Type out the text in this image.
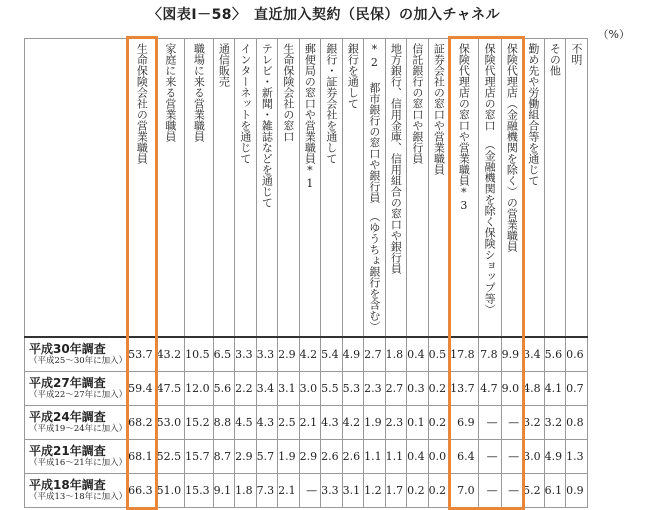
〈図表Ⅰ－58〉　直近加入契約（民保）の加入チャネル
（%）
	生命保険会社の営業職員	家庭に来る営業職員	職場に来る営業職員	通信販売	インターネットを通じて	テレビ・新聞・雑誌などを通じて	生命保険会社の窓口	郵便局の窓口や営業職員*1	銀行・証券会社を通して	銀行を通して	*2 都市銀行の窓口や銀行員（ゆうちょ銀行を含む）	地方銀行、信用金庫、信用組合の窓口や銀行員	信託銀行の窓口や銀行員	証券会社の窓口や営業職員	保険代理店の窓口や営業職員*3	保険代理店の窓口（金融機関を除く保険ショップ等）	保険代理店（金融機関を除く）の営業職員	勤め先や労働組合等を通じて	その他	不明

平成30年調査
（平成25～30年に加入）	53.7	43.2	10.5	6.5	3.3	3.3	2.9	4.2	5.4	4.9	2.7	1.8	0.4	0.5	17.8	7.8	9.9	3.4	5.6	0.6

平成27年調査
（平成22～27年に加入）	59.4	47.5	12.0	5.6	2.2	3.4	3.1	3.0	5.5	5.3	2.3	2.7	0.3	0.2	13.7	4.7	9.0	4.8	4.1	0.7

平成24年調査
（平成19～24年に加入）	68.2	53.0	15.2	8.8	4.5	4.3	2.5	2.1	4.3	4.2	1.9	2.3	0.1	0.2	6.9	—	—	3.2	3.2	0.8

平成21年調査
（平成16～21年に加入）	68.1	52.5	15.7	8.7	2.9	5.7	1.9	2.9	2.6	2.6	1.1	1.1	0.4	0.0	6.4	—	—	3.0	4.9	1.3

平成18年調査
（平成13～18年に加入）	66.3	51.0	15.3	9.1	1.8	7.3	2.1	—	3.3	3.1	1.2	1.7	0.2	0.2	7.0	—	—	5.2	6.1	0.9
